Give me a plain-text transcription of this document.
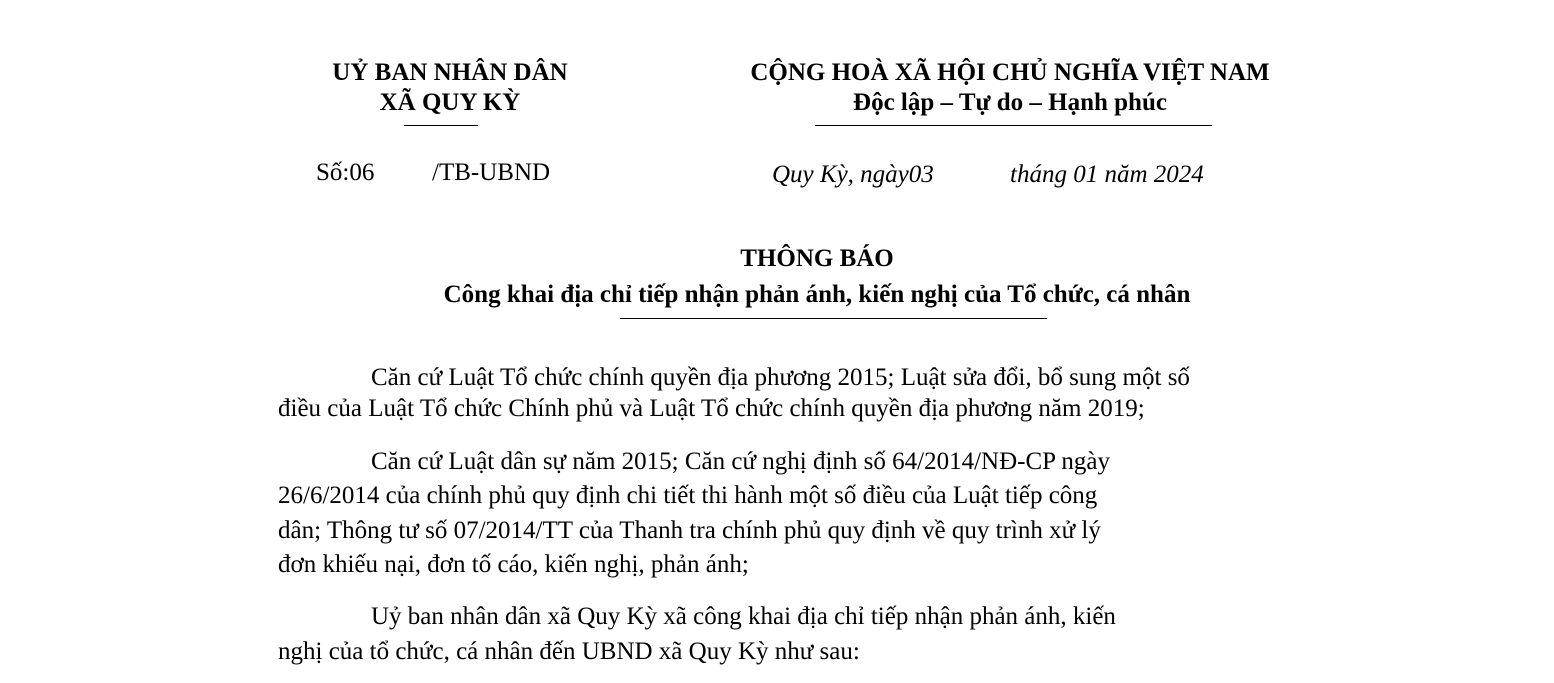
UỶ BAN NHÂN DÂN
XÃ QUY KỲ
CỘNG HOÀ XÃ HỘI CHỦ NGHĨA VIỆT NAM
Độc lập – Tự do – Hạnh phúc
Số:06 /TB-UBND	Quy Kỳ, ngày03	tháng 01 năm 2024
THÔNG BÁO
Công khai địa chỉ tiếp nhận phản ánh, kiến nghị của Tổ chức, cá nhân
Căn cứ Luật Tổ chức chính quyền địa phương 2015; Luật sửa đổi, bổ sung một số
điều của Luật Tổ chức Chính phủ và Luật Tổ chức chính quyền địa phương năm 2019;
Căn cứ Luật dân sự năm 2015; Căn cứ nghị định số 64/2014/NĐ-CP ngày
26/6/2014 của chính phủ quy định chi tiết thi hành một số điều của Luật tiếp công
dân; Thông tư số 07/2014/TT của Thanh tra chính phủ quy định về quy trình xử lý
đơn khiếu nại, đơn tố cáo, kiến nghị, phản ánh;
Uỷ ban nhân dân xã Quy Kỳ xã công khai địa chỉ tiếp nhận phản ánh, kiến
nghị của tổ chức, cá nhân đến UBND xã Quy Kỳ như sau:
